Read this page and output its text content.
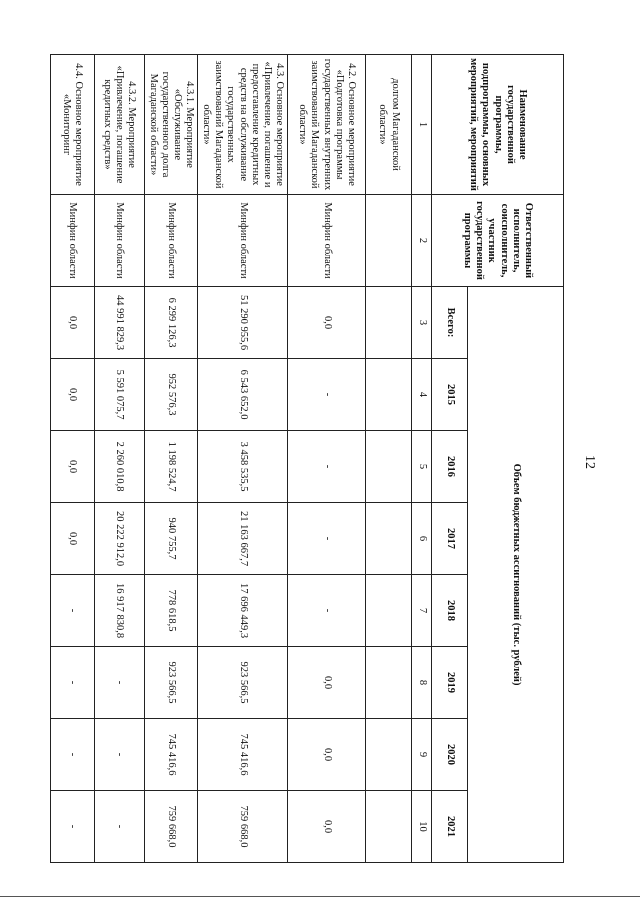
12
Наименование государственной программы, подпрограммы, основных мероприятий, мероприятий	Ответственный исполнитель, соисполнитель, участник государственной программы	Объем бюджетных ассигнований (тыс. рублей)							
		Всего:	2015	2016	2017	2018	2019	2020	2021
1	2	3	4	5	6	7	8	9	10
долгом Магаданской области»									
4.2. Основное мероприятие «Подготовка программы государственных внутренних заимствований Магаданской области»	Минфин области	0,0	-	-	-	-	0,0	0,0	0,0
4.3. Основное мероприятие «Привлечение, погашение и предоставление кредитных средств на обслуживание государственных заимствований Магаданской области»	Минфин области	51 290 955,6	6 543 652,0	3 458 535,5	21 163 667,7	17 696 449,3	923 566,5	745 416,6	759 668,0
4.3.1. Мероприятие «Обслуживание государственного долга Магаданской области»	Минфин области	6 299 126,3	952 576,3	1 198 524,7	940 755,7	778 618,5	923 566,5	745 416,6	759 668,0
4.3.2. Мероприятие «Привлечение, погашение кредитных средств»	Минфин области	44 991 829,3	5 591 075,7	2 260 010,8	20 222 912,0	16 917 830,8	-	-	-
4.4. Основное мероприятие «Мониторинг	Минфин области	0,0	0,0	0,0	0,0	-	-	-	-
